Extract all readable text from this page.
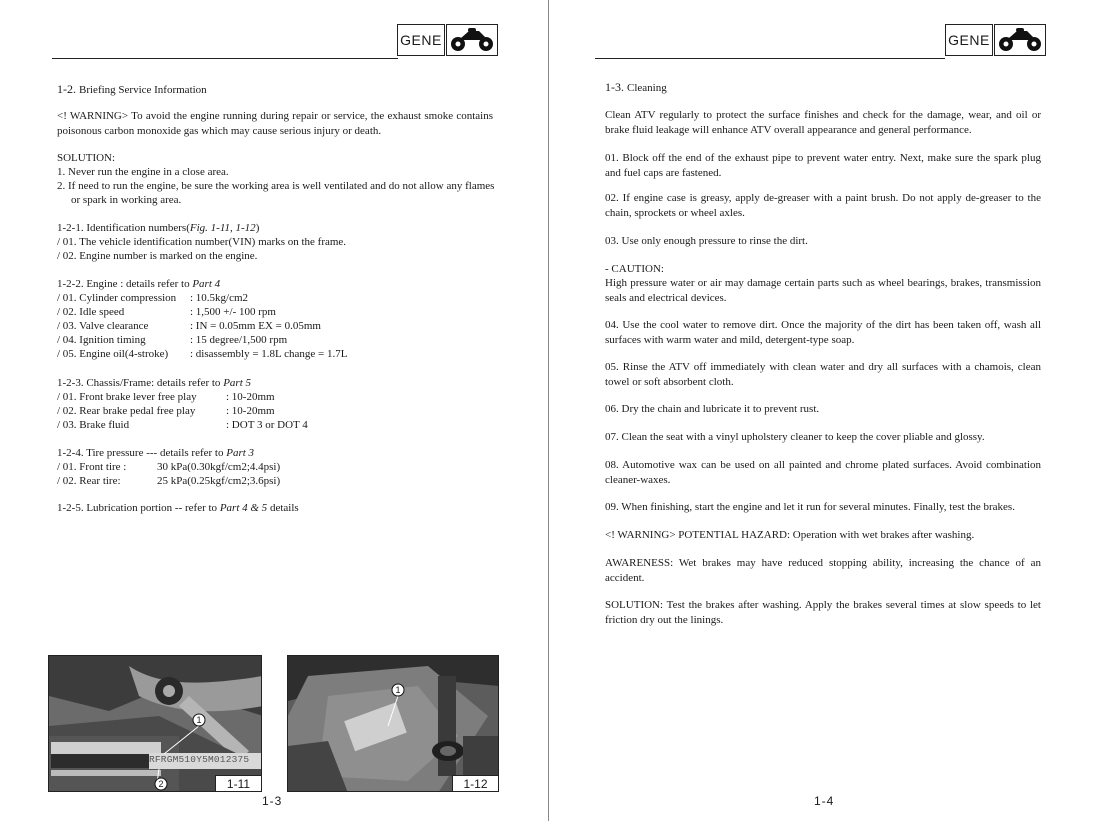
GENE
1-2. Briefing Service Information
<! WARNING> To avoid the engine running during repair or service, the exhaust smoke contains poisonous carbon monoxide gas which may cause serious injury or death.
SOLUTION:
1. Never run the engine in a close area.
2. If need to run the engine, be sure the working area is well ventilated and do not allow any flames
or spark in working area.
1-2-1. Identification numbers(Fig. 1-11, 1-12)
/ 01. The vehicle identification number(VIN) marks on the frame.
/ 02. Engine number is marked on the engine.
1-2-2. Engine : details refer to Part 4
/ 01. Cylinder compression : 10.5kg/cm2
/ 02. Idle speed	: 1,500 +/- 100 rpm
/ 03. Valve clearance	: IN = 0.05mm EX = 0.05mm
/ 04. Ignition timing	: 15 degree/1,500 rpm
/ 05. Engine oil(4-stroke) : disassembly = 1.8L change = 1.7L
1-2-3. Chassis/Frame: details refer to Part 5
/ 01. Front brake lever free play	: 10-20mm
/ 02. Rear brake pedal free play	: 10-20mm
/ 03. Brake fluid	: DOT 3 or DOT 4
1-2-4. Tire pressure --- details refer to Part 3
/ 01. Front tire :	30 kPa(0.30kgf/cm2;4.4psi)
/ 02. Rear tire:	25 kPa(0.25kgf/cm2;3.6psi)
1-2-5. Lubrication portion -- refer to Part 4 & 5 details
RFRGM510Y5M012375
1
2	1-11
1
1-12
1-3
GENE
1-3. Cleaning
Clean ATV regularly to protect the surface finishes and check for the damage, wear, and oil or brake fluid leakage will enhance ATV overall appearance and general performance.
01. Block off the end of the exhaust pipe to prevent water entry. Next, make sure the spark plug and fuel caps are fastened.
02. If engine case is greasy, apply de-greaser with a paint brush. Do not apply de-greaser to the chain, sprockets or wheel axles.
03. Use only enough pressure to rinse the dirt.
- CAUTION:
High pressure water or air may damage certain parts such as wheel bearings, brakes, transmission seals and electrical devices.
04. Use the cool water to remove dirt. Once the majority of the dirt has been taken off, wash all surfaces with warm water and mild, detergent-type soap.
05. Rinse the ATV off immediately with clean water and dry all surfaces with a chamois, clean towel or soft absorbent cloth.
06. Dry the chain and lubricate it to prevent rust.
07. Clean the seat with a vinyl upholstery cleaner to keep the cover pliable and glossy.
08. Automotive wax can be used on all painted and chrome plated surfaces. Avoid combination cleaner-waxes.
09. When finishing, start the engine and let it run for several minutes. Finally, test the brakes.
<! WARNING> POTENTIAL HAZARD: Operation with wet brakes after washing.
AWARENESS: Wet brakes may have reduced stopping ability, increasing the chance of an accident.
SOLUTION: Test the brakes after washing. Apply the brakes several times at slow speeds to let friction dry out the linings.
1-4
